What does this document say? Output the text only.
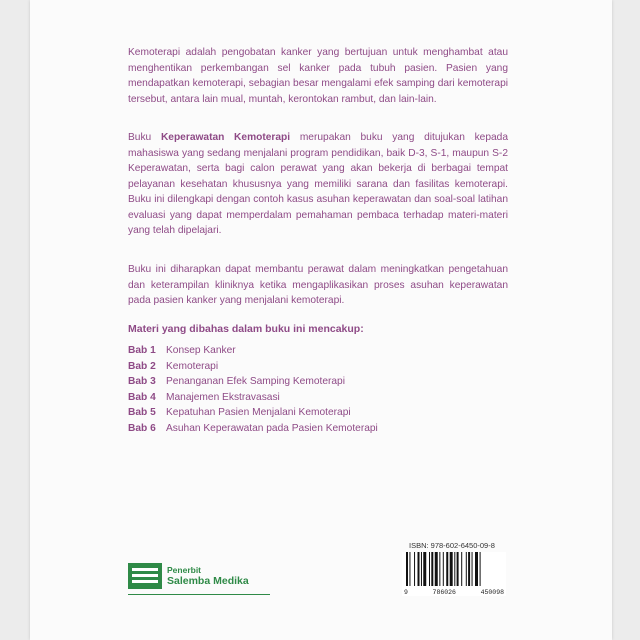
Kemoterapi adalah pengobatan kanker yang bertujuan untuk menghambat atau menghentikan perkembangan sel kanker pada tubuh pasien. Pasien yang mendapatkan kemoterapi, sebagian besar mengalami efek samping dari kemoterapi tersebut, antara lain mual, muntah, kerontokan rambut, dan lain-lain.
Buku Keperawatan Kemoterapi merupakan buku yang ditujukan kepada mahasiswa yang sedang menjalani program pendidikan, baik D-3, S-1, maupun S-2 Keperawatan, serta bagi calon perawat yang akan bekerja di berbagai tempat pelayanan kesehatan khususnya yang memiliki sarana dan fasilitas kemoterapi. Buku ini dilengkapi dengan contoh kasus asuhan keperawatan dan soal-soal latihan evaluasi yang dapat memperdalam pemahaman pembaca terhadap materi-materi yang telah dipelajari.
Buku ini diharapkan dapat membantu perawat dalam meningkatkan pengetahuan dan keterampilan kliniknya ketika mengaplikasikan proses asuhan keperawatan pada pasien kanker yang menjalani kemoterapi.
Materi yang dibahas dalam buku ini mencakup:
Bab 1	Konsep Kanker
Bab 2	Kemoterapi
Bab 3	Penanganan Efek Samping Kemoterapi
Bab 4	Manajemen Ekstravasasi
Bab 5	Kepatuhan Pasien Menjalani Kemoterapi
Bab 6	Asuhan Keperawatan pada Pasien Kemoterapi
Penerbit
Salemba Medika
ISBN: 978-602-6450-09-8
9	786026	450098
